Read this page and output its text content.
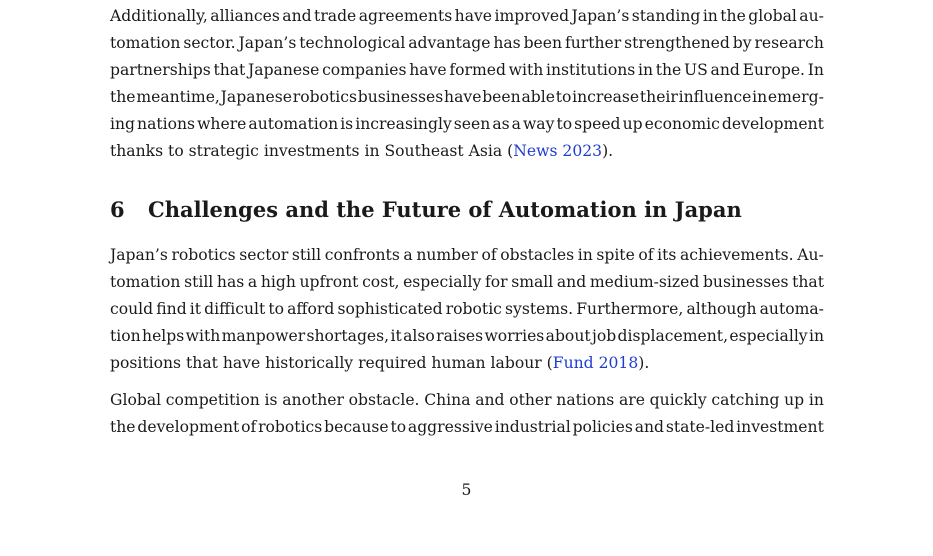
Additionally, alliances and trade agreements have improved Japan’s standing in the global au-
tomation sector. Japan’s technological advantage has been further strengthened by research
partnerships that Japanese companies have formed with institutions in the US and Europe. In
the meantime, Japanese robotics businesses have been able to increase their influence in emerg-
ing nations where automation is increasingly seen as a way to speed up economic development
thanks to strategic investments in Southeast Asia (News 2023).
6 Challenges and the Future of Automation in Japan
Japan’s robotics sector still confronts a number of obstacles in spite of its achievements. Au-
tomation still has a high upfront cost, especially for small and medium-sized businesses that
could find it difficult to afford sophisticated robotic systems. Furthermore, although automa-
tion helps with manpower shortages, it also raises worries about job displacement, especially in
positions that have historically required human labour (Fund 2018).
Global competition is another obstacle. China and other nations are quickly catching up in
the development of robotics because to aggressive industrial policies and state-led investment
5
